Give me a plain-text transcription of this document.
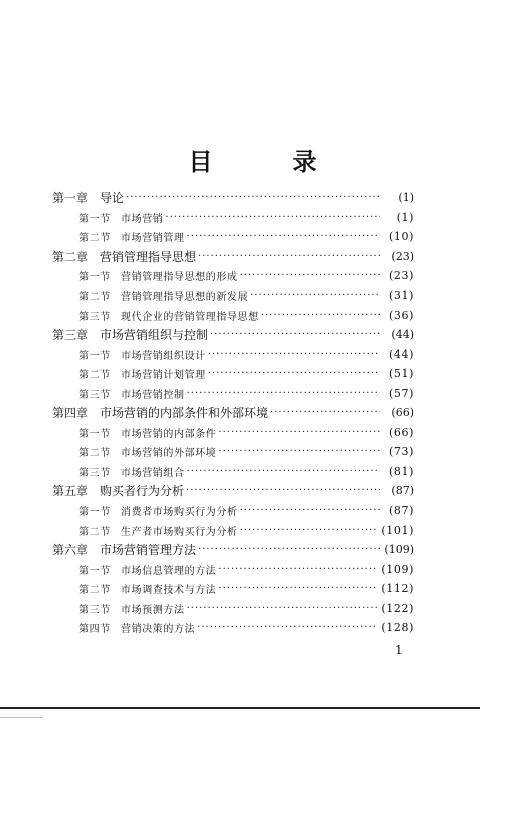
目　录
第一章 导论 ·····	(1)
第一节	市场营销 ·····	(1)
第二节	市场营销管理 ·····	(10)
第二章 营销管理指导思想 ·····	(23)
第一节	营销管理指导思想的形成 ·····	(23)
第二节	营销管理指导思想的新发展 ·····	(31)
第三节	现代企业的营销管理指导思想 ·····	(36)
第三章 市场营销组织与控制 ·····	(44)
第一节	市场营销组织设计 ·····	(44)
第二节	市场营销计划管理 ·····	(51)
第三节	市场营销控制 ·····	(57)
第四章 市场营销的内部条件和外部环境 ·····	(66)
第一节	市场营销的内部条件 ·····	(66)
第二节	市场营销的外部环境 ·····	(73)
第三节	市场营销组合 ·····	(81)
第五章 购买者行为分析 ·····	(87)
第一节	消费者市场购买行为分析 ·····	(87)
第二节	生产者市场购买行为分析 ·····	(101)
第六章 市场营销管理方法 ·····	(109)
第一节	市场信息管理的方法 ·····	(109)
第二节	市场调查技术与方法 ·····	(112)
第三节	市场预测方法 ·····	(122)
第四节	营销决策的方法 ·····	(128)
1
